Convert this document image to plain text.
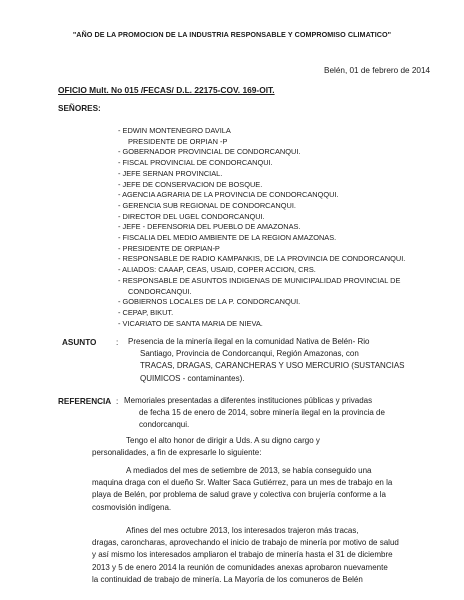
"AÑO DE LA PROMOCION DE LA INDUSTRIA RESPONSABLE Y COMPROMISO CLIMATICO"
Belén, 01 de febrero de 2014
OFICIO Mult. No 015 /FECAS/ D.L. 22175-COV. 169-OIT.
SEÑORES:
- EDWIN MONTENEGRO DAVILA
PRESIDENTE DE ORPIAN -P
- GOBERNADOR PROVINCIAL DE CONDORCANQUI.
- FISCAL PROVINCIAL DE CONDORCANQUI.
- JEFE SERNAN PROVINCIAL.
- JEFE DE CONSERVACION DE BOSQUE.
- AGENCIA AGRARIA DE LA PROVINCIA DE CONDORCANQQUI.
- GERENCIA SUB REGIONAL DE CONDORCANQUI.
- DIRECTOR DEL UGEL CONDORCANQUI.
- JEFE - DEFENSORIA DEL PUEBLO DE AMAZONAS.
- FISCALIA DEL MEDIO AMBIENTE DE LA REGION AMAZONAS.
- PRESIDENTE DE ORPIAN-P
- RESPONSABLE DE RADIO KAMPANKIS, DE LA PROVINCIA DE CONDORCANQUI.
- ALIADOS: CAAAP, CEAS, USAID, COPER ACCION, CRS.
- RESPONSABLE DE ASUNTOS INDIGENAS DE MUNICIPALIDAD PROVINCIAL DE
CONDORCANQUI.
- GOBIERNOS LOCALES DE LA P. CONDORCANQUI.
- CEPAP, BIKUT.
- VICARIATO DE SANTA MARIA DE NIEVA.
ASUNTO : Presencia de la minería ilegal en la comunidad Nativa de Belén- Rio
Santiago, Provincia de Condorcanqui, Región Amazonas, con
TRACAS, DRAGAS, CARANCHERAS Y USO MERCURIO (SUSTANCIAS
QUIMICOS - contaminantes).
REFERENCIA : Memoriales presentadas a diferentes instituciones públicas y privadas
de fecha 15 de enero de 2014, sobre minería ilegal en la provincia de
condorcanqui.
Tengo el alto honor de dirigir a Uds. A su digno cargo y
personalidades, a fin de expresarle lo siguiente:
A mediados del mes de setiembre de 2013, se había conseguido una
maquina draga con el dueño Sr. Walter Saca Gutiérrez, para un mes de trabajo en la
playa de Belén, por problema de salud grave y colectiva con brujería conforme a la
cosmovisión indígena.
Afines del mes octubre 2013, los interesados trajeron más tracas,
dragas, caroncharas, aprovechando el inicio de trabajo de minería por motivo de salud
y así mismo los interesados ampliaron el trabajo de minería hasta el 31 de diciembre
2013 y 5 de enero 2014 la reunión de comunidades anexas aprobaron nuevamente
la continuidad de trabajo de minería. La Mayoría de los comuneros de Belén
